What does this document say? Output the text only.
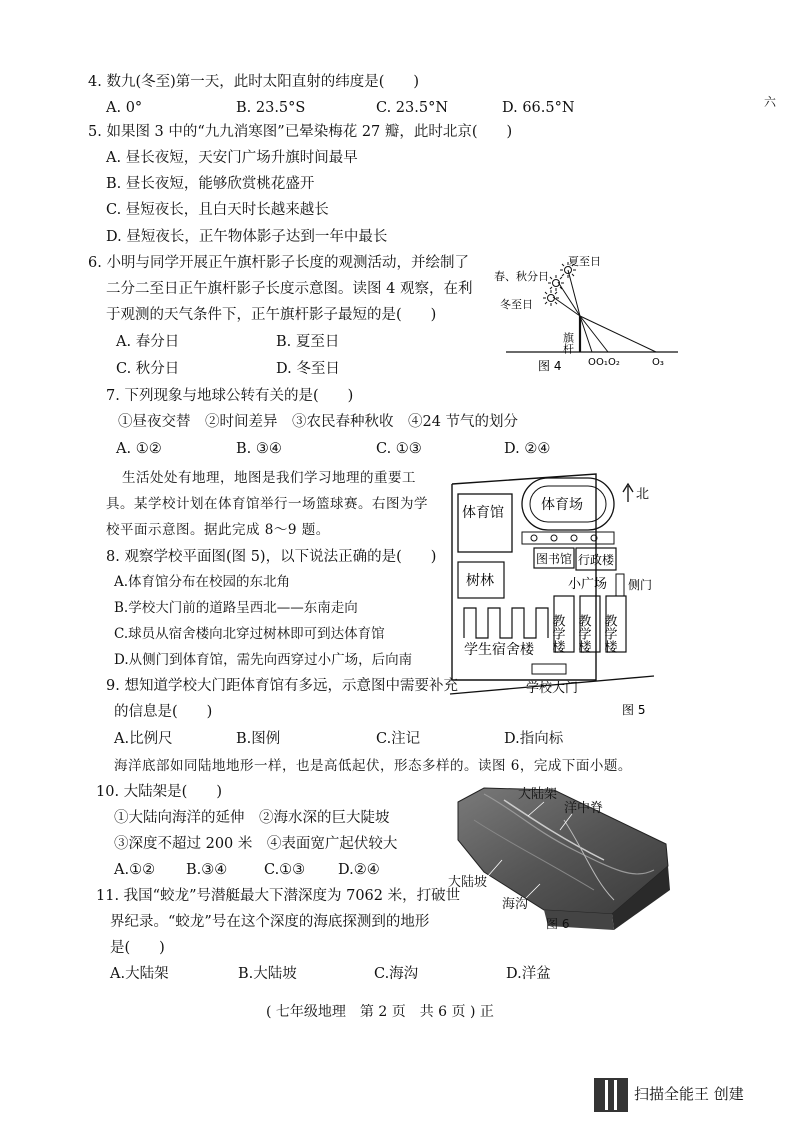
六
4. 数九(冬至)第一天，此时太阳直射的纬度是(　　)
A. 0°	B. 23.5°S	C. 23.5°N	D. 66.5°N
5. 如果图 3 中的“九九消寒图”已晕染梅花 27 瓣，此时北京(　　)
A. 昼长夜短，天安门广场升旗时间最早
B. 昼长夜短，能够欣赏桃花盛开
C. 昼短夜长，且白天时长越来越长
D. 昼短夜长，正午物体影子达到一年中最长
6. 小明与同学开展正午旗杆影子长度的观测活动，并绘制了
二分二至日正午旗杆影子长度示意图。读图 4 观察，在利
于观测的天气条件下，正午旗杆影子最短的是(　　)
A. 春分日	B. 夏至日
C. 秋分日	D. 冬至日
夏至日
春、秋分日
冬至日
旗杆
O O₁ O₂	O₃
图 4
7. 下列现象与地球公转有关的是(　　)
①昼夜交替　②时间差异　③农民春种秋收　④24 节气的划分
A. ①②	B. ③④	C. ①③	D. ②④
生活处处有地理，地图是我们学习地理的重要工
具。某学校计划在体育馆举行一场篮球赛。右图为学
校平面示意图。据此完成 8～9 题。
8. 观察学校平面图(图 5)，以下说法正确的是(　　)
A.体育馆分布在校园的东北角
B.学校大门前的道路呈西北——东南走向
C.球员从宿舍楼向北穿过树林即可到达体育馆
D.从侧门到体育馆，需先向西穿过小广场，后向南
9. 想知道学校大门距体育馆有多远，示意图中需要补充
的信息是(　　)
A.比例尺	B.图例	C.注记	D.指向标
体育馆	体育场
北
图书馆 行政楼
小广场 侧门
树林
教学楼 教学楼 教学楼
学生宿舍楼
学校大门
图 5
海洋底部如同陆地地形一样，也是高低起伏，形态多样的。读图 6，完成下面小题。
10. 大陆架是(　　)
①大陆向海洋的延伸　②海水深的巨大陡坡
③深度不超过 200 米　④表面宽广起伏较大
A.①② B.③④	C.①③ D.②④
11. 我国“蛟龙”号潜艇最大下潜深度为 7062 米，打破世
界纪录。“蛟龙”号在这个深度的海底探测到的地形
是(　　)
A.大陆架	B.大陆坡	C.海沟	D.洋盆
大陆架
洋中脊
大陆坡
海沟
图 6
( 七年级地理　第 2 页　共 6 页 ) 正
扫描全能王 创建
